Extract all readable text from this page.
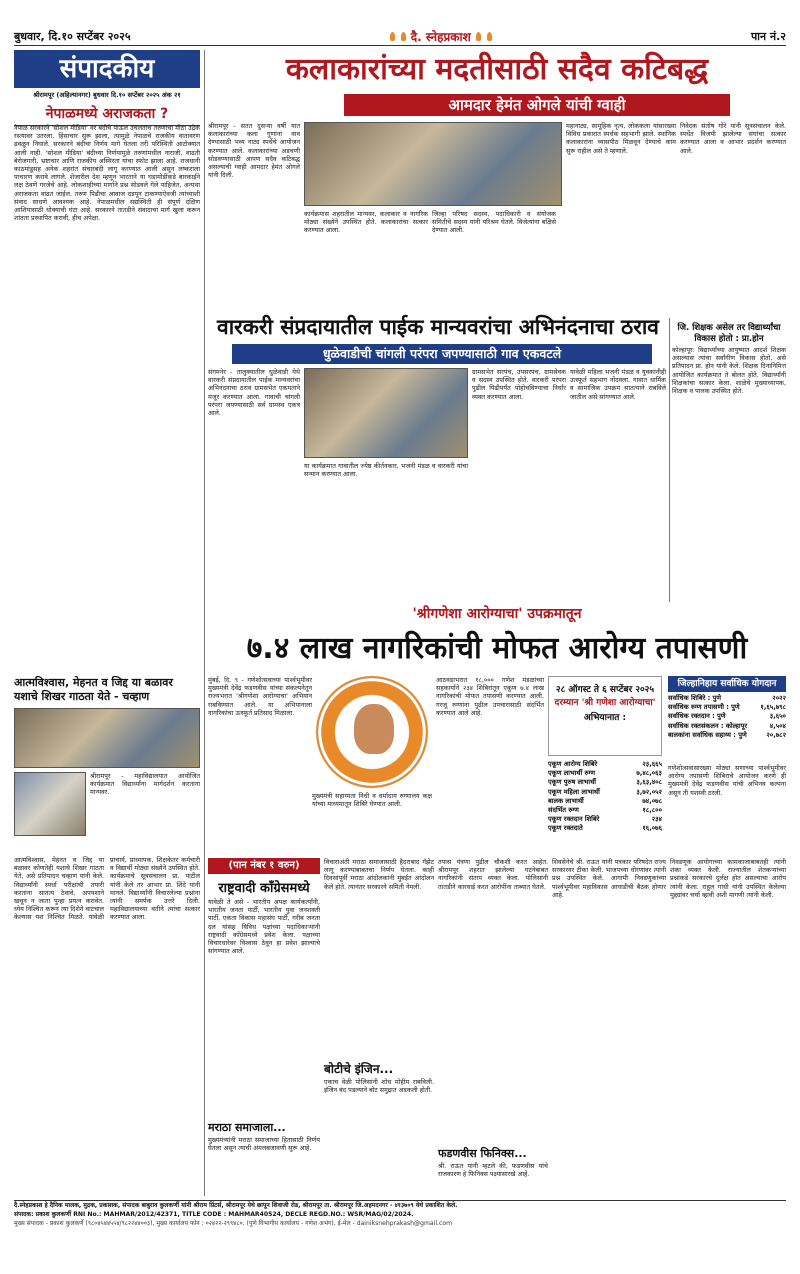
बुधवार, दि.१० सप्टेंबर २०२५	दै. स्नेहप्रकाश	पान नं.२
संपादकीय
श्रीरामपूर (अहिल्यानगर) बुधवार दि.१० सप्टेंबर २०२५ अंक २१
नेपाळमध्ये अराजकता ?
नेपाळ सरकारने 'सोशल मीडिया' वर बंदीचे पाऊल उचलताच तरुणांचा मोठा उद्रेक रस्त्यावर उतरला. हिंसाचार सुरू झाला, त्यामुळे नेपाळचे राजकीय वातावरण ढवळून निघाले. सरकारने बंदीचा निर्णय मागे घेतला तरी परिस्थिती आटोक्यात आली नाही. 'सोशल मीडिया' बंदीच्या निर्णयामुळे तरुणांमधील नाराजी, वाढती बेरोजगारी, भ्रष्टाचार आणि राजकीय अस्थिरता यांचा स्फोट झाला आहे. राजधानी काठमांडूसह अनेक शहरांत संचारबंदी लागू करण्यात आली असून लष्कराला पाचारण करावे लागले. शेजारील देश म्हणून भारताने या घडामोडींकडे बारकाईने लक्ष ठेवणे गरजेचे आहे. लोकशाहीच्या मार्गाने प्रश्न सोडवले गेले पाहिजेत, अन्यथा अराजकता वाढत जाईल. तरुण पिढीचा आवाज दडपून टाकण्याऐवजी त्यांच्याशी संवाद साधणे आवश्यक आहे. नेपाळमधील सद्यस्थिती ही संपूर्ण दक्षिण आशियासाठी धोक्याची घंटा आहे. सरकारने तातडीने संवादाचा मार्ग खुला करून शांतता प्रस्थापित करावी, हीच अपेक्षा.
कलाकारांच्या मदतीसाठी सदैव कटिबद्ध
आमदार हेमंत ओगले यांची ग्वाही
श्रीरामपूर - सतत दुसऱ्या वर्षी यात कलाकारांच्या कला गुणांना वाव देण्यासाठी भव्य नाट्य स्पर्धेचे आयोजन करण्यात आले. कलाकारांच्या अडचणी सोडवण्यासाठी आपण सदैव कटिबद्ध असल्याची ग्वाही आमदार हेमंत ओगले यांनी दिली.
कार्यक्रमास शहरातील मान्यवर, कलाकार व नागरिक मोठ्या संख्येने उपस्थित होते. कलाकारांचा सत्कार करण्यात आला.
जिल्हा परिषद सदस्य, पदाधिकारी व संयोजक समितीचे सदस्य यांनी परिश्रम घेतले. विजेत्यांना बक्षिसे देण्यात आली.
महानाट्य, सामूहिक नृत्य, लोककला यांसारख्या विविध प्रकारांत स्पर्धक सहभागी झाले. स्थानिक कलाकारांना व्यासपीठ मिळवून देण्याचे काम सुरू राहील असे ते म्हणाले.
निवेदक संतोष गोरे यांनी सूत्रसंचालन केले. स्पर्धेत विजयी झालेल्या संघांचा सत्कार करण्यात आला व आभार प्रदर्शन करण्यात आले.
वारकरी संप्रदायातील पाईक मान्यवरांचा अभिनंदनाचा ठराव
धुळेवाडीची चांगली परंपरा जपण्यासाठी गाव एकवटले
संगमनेर - तालुक्यातील धुळेवाडी येथे वारकरी संप्रदायातील पाईक मान्यवरांचा अभिनंदनाचा ठराव ग्रामसभेत एकमताने मंजूर करण्यात आला. गावाची चांगली परंपरा जपण्यासाठी सर्व ग्रामस्थ एकत्र आले.
या कार्यक्रमात गावातील ज्येष्ठ कीर्तनकार, भजनी मंडळ व वारकरी यांचा सन्मान करण्यात आला.
ग्रामसभेत सरपंच, उपसरपंच, ग्रामसेवक व सदस्य उपस्थित होते. वारकरी परंपरा पुढील पिढीपर्यंत पोहोचविण्याचा निर्धार व्यक्त करण्यात आला.
यावेळी महिला भजनी मंडळ व युवकांनीही उत्स्फूर्त सहभाग नोंदवला. गावात धार्मिक व सामाजिक उपक्रम सातत्याने राबविले जातील असे सांगण्यात आले.
जि. शिक्षक असेल तर विद्यार्थ्यांचा विकास होतो : प्रा.होन
कोल्हापूर: विद्यार्थ्यांच्या आयुष्यात आदर्श शिक्षक असल्यास त्यांचा सर्वांगीण विकास होतो, असे प्रतिपादन प्रा. होन यांनी केले. शिक्षक दिनानिमित्त आयोजित कार्यक्रमात ते बोलत होते. विद्यार्थ्यांनी शिक्षकांचा सत्कार केला. शाळेचे मुख्याध्यापक, शिक्षक व पालक उपस्थित होते.
'श्रीगणेशा आरोग्याचा' उपक्रमातून
७.४ लाख नागरिकांची मोफत आरोग्य तपासणी
मुंबई, दि. ९ - गणेशोत्सवाच्या पार्श्वभूमीवर मुख्यमंत्री देवेंद्र फडणवीस यांच्या संकल्पनेतून राज्यभरात 'श्रीगणेशा आरोग्याचा' अभियान राबविण्यात आले. या अभियानाला नागरिकांचा उत्स्फूर्त प्रतिसाद मिळाला.
मुख्यमंत्री सहाय्यता निधी व धर्मादाय रुग्णालय कक्ष यांच्या माध्यमातून शिबिरे घेण्यात आली.
आठवडाभरात १८,००० गणेश मंडळांच्या सहकार्याने २३४ शिबिरांतून एकूण ७.४ लाख नागरिकांची मोफत तपासणी करण्यात आली. गरजू रुग्णांना पुढील उपचारासाठी संदर्भित करण्यात आले आहे.
२८ ऑगस्ट ते ६ सप्टेंबर २०२५
दरम्यान 'श्री गणेशा आरोग्याचा'
अभियानात :
एकूण आरोग्य शिबिरे	२३,६६५
एकूण लाभार्थी रुग्ण	७,४८,०६३
एकूण पुरुष लाभार्थी	३,६३,४०८
एकूण महिला लाभार्थी	३,७२,०५२
बालक लाभार्थी	७४,०७८
संदर्भित रुग्ण	१८,८००
एकूण रक्तदान शिबिरे	२३४
एकूण रक्तदाते	१६,०७६
जिल्हानिहाय सर्वाधिक योगदान
सर्वाधिक शिबिरे : पुणे	२०२२
सर्वाधिक रुग्ण तपासणी : पुणे	१,६५,७९८
सर्वाधिक रक्तदान : पुणे	३,६५०
सर्वाधिक रक्तसंकलन : कोल्हापूर	४,५०४
बालकांना सर्वाधिक सहाय्य : पुणे	२०,७८२
गणेशोत्सवासारख्या मोठ्या सणाच्या पार्श्वभूमीवर आरोग्य तपासणी शिबिराचे आयोजन करणे ही मुख्यमंत्री देवेंद्र फडणवीस यांची अभिनव कल्पना असून ती यशस्वी ठरली.
आत्मविश्वास, मेहनत व जिद्द या बळावर यशाचे शिखर गाठता येते - चव्हाण
श्रीरामपूर - महाविद्यालयात आयोजित कार्यक्रमात विद्यार्थ्यांना मार्गदर्शन करताना मान्यवर.
आत्मविश्वास, मेहनत व जिद्द या बळावर कोणतेही यशाचे शिखर गाठता येते, असे प्रतिपादन चव्हाण यांनी केले. विद्यार्थ्यांनी स्पर्धा परीक्षांची तयारी करताना सातत्य ठेवावे. अपयशाने खचून न जाता पुन्हा प्रयत्न करावेत. ध्येय निश्चित करून त्या दिशेने वाटचाल केल्यास यश निश्चित मिळते. यावेळी प्राचार्य, प्राध्यापक, शिक्षकेतर कर्मचारी व विद्यार्थी मोठ्या संख्येने उपस्थित होते. कार्यक्रमाचे सूत्रसंचालन प्रा. पाटील यांनी केले तर आभार प्रा. शिंदे यांनी मानले. विद्यार्थ्यांनी विचारलेल्या प्रश्नांना त्यांनी समर्पक उत्तरे दिली. महाविद्यालयाच्या वतीने त्यांचा सत्कार करण्यात आला.
(पान नंबर १ वरुन)
राष्ट्रवादी काँग्रेसमध्ये
यावेळी ते असे - भारतीय अपक्ष कार्यकर्त्यांनी, भारतीय जनता पार्टी, भारतीय युवा जनशक्ती पार्टी, एकता विकास महासंघ पार्टी, गरीब जनता दल यांसह विविध पक्षांच्या पदाधिकाऱ्यांनी राष्ट्रवादी काँग्रेसमध्ये प्रवेश केला. पक्षाच्या विचारधारेवर विश्वास ठेवून हा प्रवेश झाल्याचे सांगण्यात आले.
मराठा समाजाला...
मुख्यमंत्र्यांनी मराठा समाजाच्या हितासाठी निर्णय घेतला असून त्याची अंमलबजावणी सुरू आहे.
विचाराअंती मराठा समाजासाठी हैदराबाद गॅझेट लागू करण्याबाबतचा निर्णय घेतला. काही दिवसांपूर्वी मराठा आंदोलकांनी मुंबईत आंदोलन केले होते. त्यानंतर सरकारने समिती नेमली.
बोटीचे इंजिन...
एकाच वेळी पोलिसांनी शोध मोहीम राबविली. इंजिन बंद पडल्याने बोट समुद्रात अडकली होती.
तपास यंत्रणा पुढील चौकशी करत आहेत. श्रीरामपूर शहरात झालेल्या घटनेबाबत नागरिकांनी संताप व्यक्त केला. पोलिसांनी तातडीने कारवाई करत आरोपींना ताब्यात घेतले.
फडणवीस फिनिक्स...
श्री. राऊत यांनी म्हटले की, फडणवीस यांचे राजकारण हे फिनिक्स पक्ष्यासारखे आहे.
शिवसेनेचे श्री. राऊत यांनी पत्रकार परिषदेत राज्य सरकारवर टीका केली. भाजपच्या धोरणांवर त्यांनी प्रश्न उपस्थित केले. आगामी निवडणुकांच्या पार्श्वभूमीवर महाविकास आघाडीची बैठक होणार आहे.
निवडणूक आयोगाच्या कामकाजाबाबतही त्यांनी शंका व्यक्त केली. राज्यातील शेतकऱ्यांच्या प्रश्नांकडे सरकारचे दुर्लक्ष होत असल्याचा आरोप त्यांनी केला. राहुल गांधी यांनी उपस्थित केलेल्या मुद्द्यांवर चर्चा व्हावी अशी मागणी त्यांनी केली.
दै.स्नेहप्रकाश हे दैनिक मालक, मुद्रक, प्रकाशक, संपादक बाबुराव कुलकर्णी यांनी श्रीराम प्रिंटर्स, श्रीरामपूर येथे छापून शिवाजी रोड, श्रीरामपूर ता. श्रीरामपूर जि.अहमदनगर - ४१३७०९ येथे प्रकाशित केले.
संपादक: प्रकाश कुलकर्णी RNI No.: MAHMAR/2012/42371, TITLE CODE : MAHMAR40524, DECLE REGD.NO.: WSR/MAG/02/2024.
मुख्य संपादक - प्रकाश कुलकर्णे (९८०४५४४५५४/९८२२४४००३), मुख्य कार्यालय फोन : ०२४२२-२९९४८०, (पुणे विभागीय कार्यालय - गणेश अभंग), ई-मेल - dainiksnehprakash@gmail.com
